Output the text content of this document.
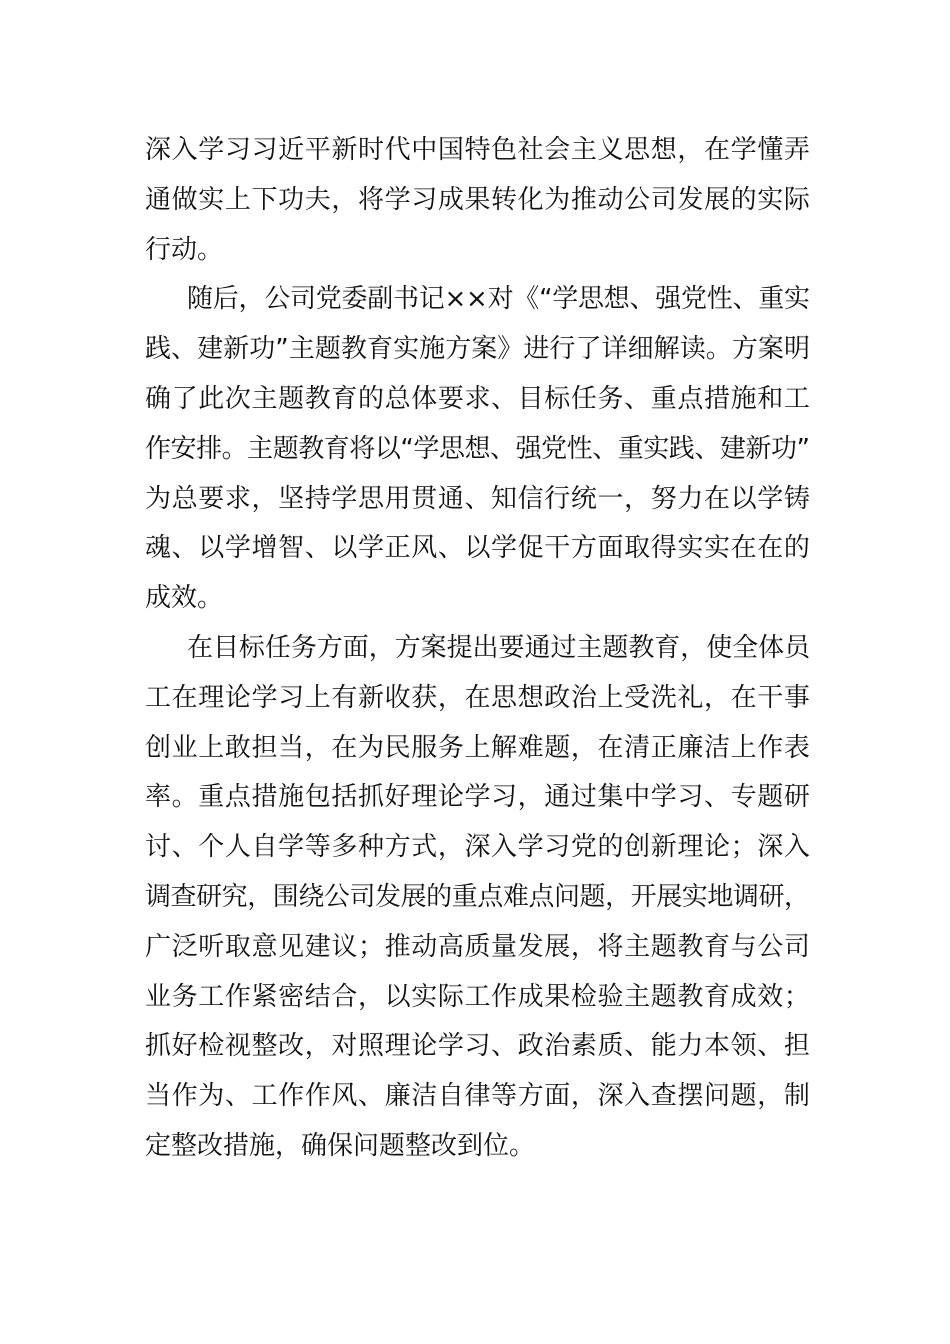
深入学习习近平新时代中国特色社会主义思想，在学懂弄
通做实上下功夫，将学习成果转化为推动公司发展的实际
行动。
随后，公司党委副书记××对《“学思想、强党性、重实
践、建新功”主题教育实施方案》进行了详细解读。方案明
确了此次主题教育的总体要求、目标任务、重点措施和工
作安排。主题教育将以“学思想、强党性、重实践、建新功”
为总要求，坚持学思用贯通、知信行统一，努力在以学铸
魂、以学增智、以学正风、以学促干方面取得实实在在的
成效。
在目标任务方面，方案提出要通过主题教育，使全体员
工在理论学习上有新收获，在思想政治上受洗礼，在干事
创业上敢担当，在为民服务上解难题，在清正廉洁上作表
率。重点措施包括抓好理论学习，通过集中学习、专题研
讨、个人自学等多种方式，深入学习党的创新理论；深入
调查研究，围绕公司发展的重点难点问题，开展实地调研，
广泛听取意见建议；推动高质量发展，将主题教育与公司
业务工作紧密结合，以实际工作成果检验主题教育成效；
抓好检视整改，对照理论学习、政治素质、能力本领、担
当作为、工作作风、廉洁自律等方面，深入查摆问题，制
定整改措施，确保问题整改到位。
